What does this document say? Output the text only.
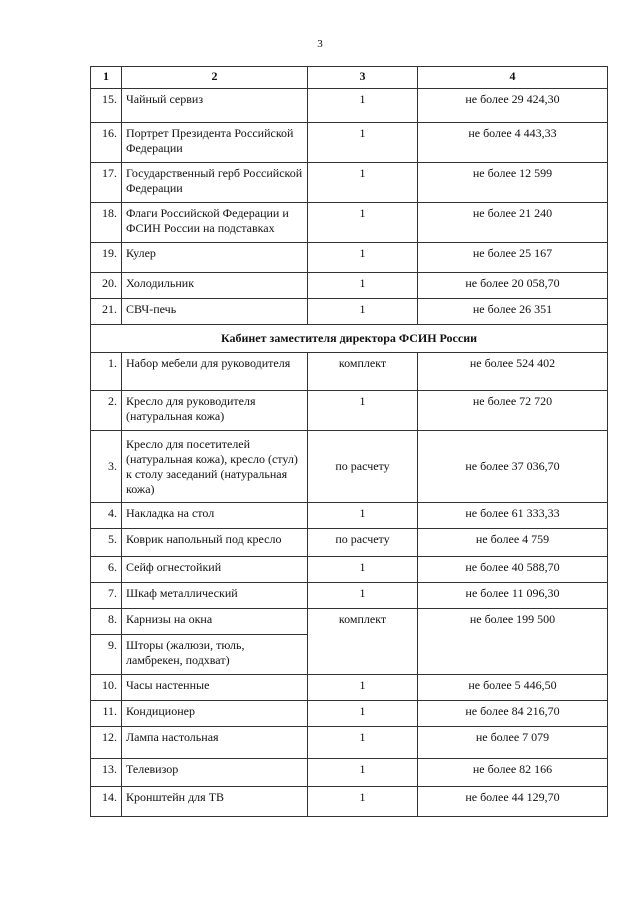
3
1	2	3	4
15.	Чайный сервиз	1	не более 29 424,30
16.	Портрет Президента Российской Федерации	1	не более 4 443,33
17.	Государственный герб Российской Федерации	1	не более 12 599
18.	Флаги Российской Федерации и ФСИН России на подставках	1	не более 21 240
19.	Кулер	1	не более 25 167
20.	Холодильник	1	не более 20 058,70
21.	СВЧ-печь	1	не более 26 351
Кабинет заместителя директора ФСИН России			
1.	Набор мебели для руководителя	комплект	не более 524 402
2.	Кресло для руководителя (натуральная кожа)	1	не более 72 720
3.	Кресло для посетителей (натуральная кожа), кресло (стул) к столу заседаний (натуральная кожа)	по расчету	не более 37 036,70
4.	Накладка на стол	1	не более 61 333,33
5.	Коврик напольный под кресло	по расчету	не более 4 759
6.	Сейф огнестойкий	1	не более 40 588,70
7.	Шкаф металлический	1	не более 11 096,30
8.	Карнизы на окна	комплект	не более 199 500
9.	Шторы (жалюзи, тюль, ламбрекен, подхват)		
10.	Часы настенные	1	не более 5 446,50
11.	Кондиционер	1	не более 84 216,70
12.	Лампа настольная	1	не более 7 079
13.	Телевизор	1	не более 82 166
14.	Кронштейн для ТВ	1	не более 44 129,70
